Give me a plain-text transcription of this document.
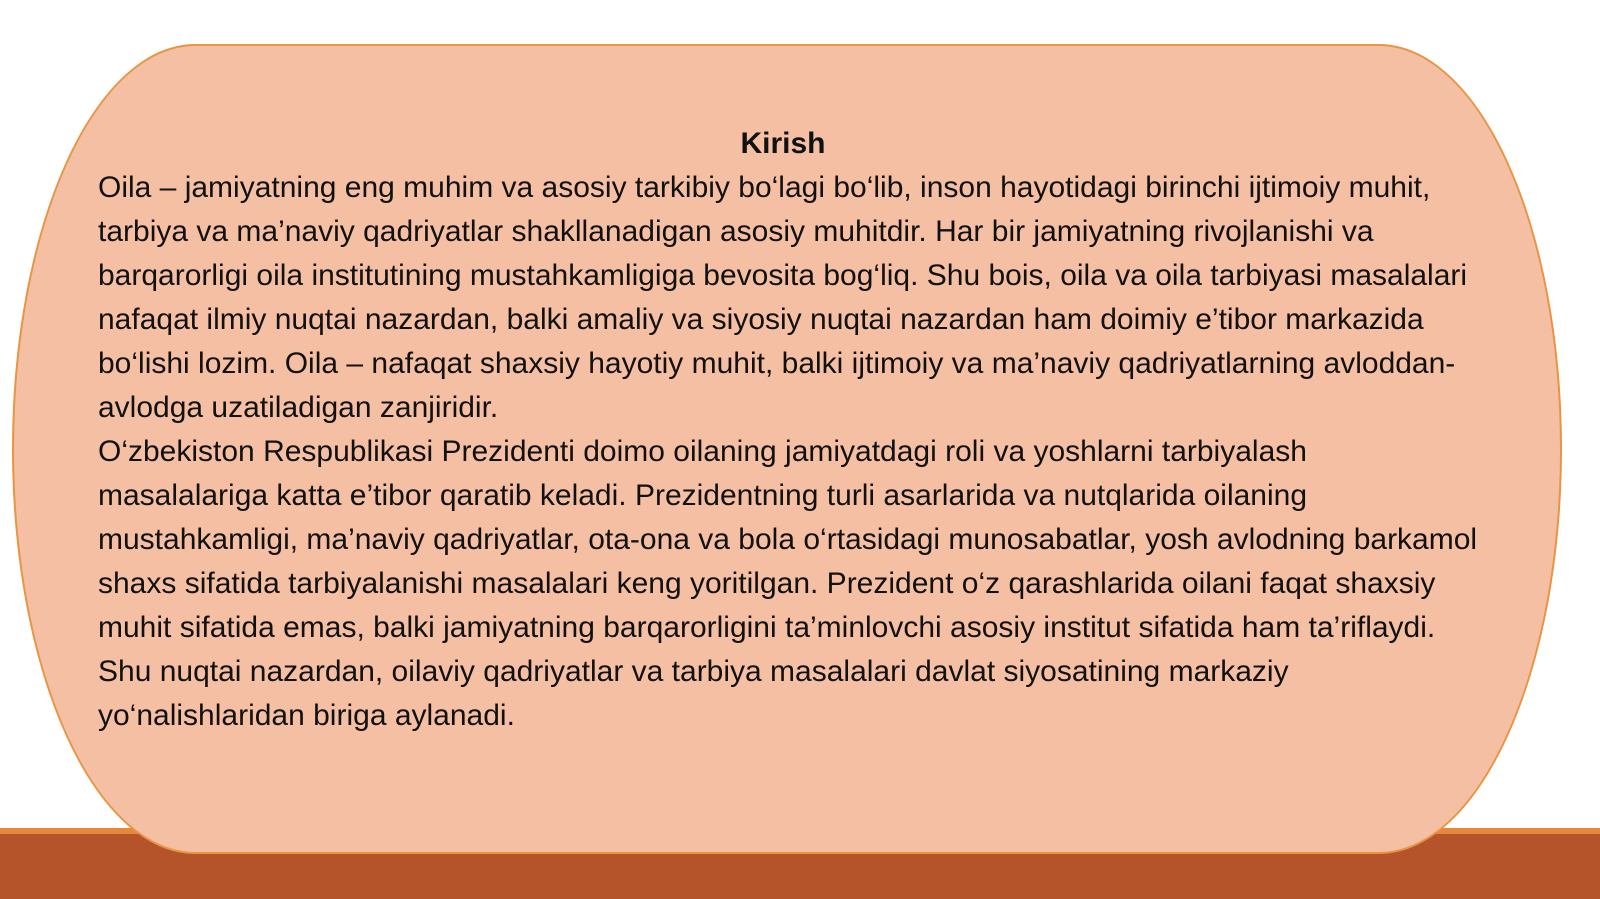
Kirish

Oila – jamiyatning eng muhim va asosiy tarkibiy bo‘lagi bo‘lib, inson hayotidagi birinchi ijtimoiy muhit, tarbiya va ma’naviy qadriyatlar shakllanadigan asosiy muhitdir. Har bir jamiyatning rivojlanishi va barqarorligi oila institutining mustahkamligiga bevosita bog‘liq. Shu bois, oila va oila tarbiyasi masalalari nafaqat ilmiy nuqtai nazardan, balki amaliy va siyosiy nuqtai nazardan ham doimiy e’tibor markazida bo‘lishi lozim. Oila – nafaqat shaxsiy hayotiy muhit, balki ijtimoiy va ma’naviy qadriyatlarning avloddan-avlodga uzatiladigan zanjiridir.

O‘zbekiston Respublikasi Prezidenti doimo oilaning jamiyatdagi roli va yoshlarni tarbiyalash masalalariga katta e’tibor qaratib keladi. Prezidentning turli asarlarida va nutqlarida oilaning mustahkamligi, ma’naviy qadriyatlar, ota-ona va bola o‘rtasidagi munosabatlar, yosh avlodning barkamol shaxs sifatida tarbiyalanishi masalalari keng yoritilgan. Prezident o‘z qarashlarida oilani faqat shaxsiy muhit sifatida emas, balki jamiyatning barqarorligini ta’minlovchi asosiy institut sifatida ham ta’riflaydi. Shu nuqtai nazardan, oilaviy qadriyatlar va tarbiya masalalari davlat siyosatining markaziy yo‘nalishlaridan biriga aylanadi.
